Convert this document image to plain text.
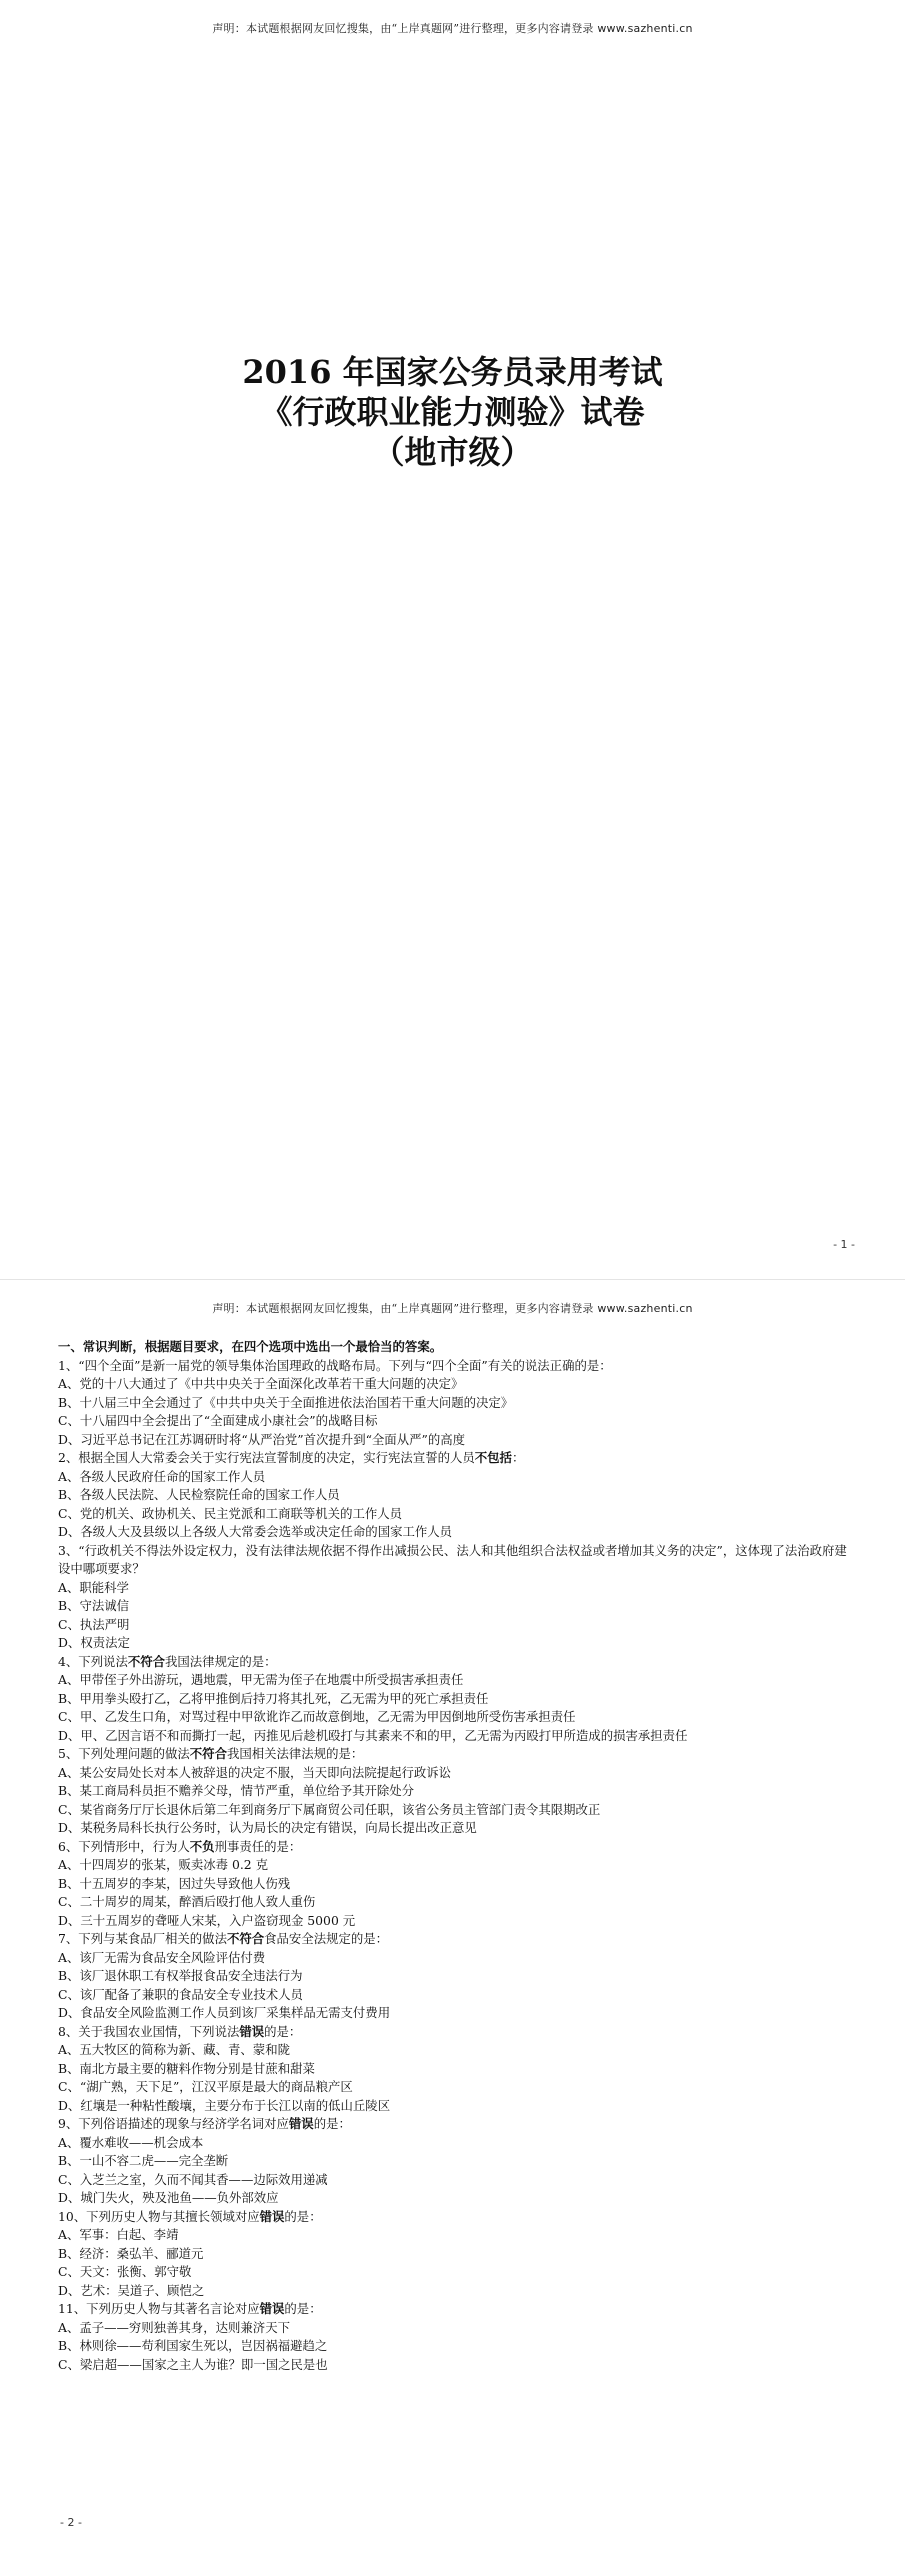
声明：本试题根据网友回忆搜集，由“上岸真题网”进行整理，更多内容请登录 www.sazhenti.cn
2016 年国家公务员录用考试
《行政职业能力测验》试卷
（地市级）
- 1 -
声明：本试题根据网友回忆搜集，由“上岸真题网”进行整理，更多内容请登录 www.sazhenti.cn

一、常识判断，根据题目要求，在四个选项中选出一个最恰当的答案。

1、“四个全面”是新一届党的领导集体治国理政的战略布局。下列与“四个全面”有关的说法正确的是：

A、党的十八大通过了《中共中央关于全面深化改革若干重大问题的决定》

B、十八届三中全会通过了《中共中央关于全面推进依法治国若干重大问题的决定》

C、十八届四中全会提出了“全面建成小康社会”的战略目标

D、习近平总书记在江苏调研时将“从严治党”首次提升到“全面从严”的高度

2、根据全国人大常委会关于实行宪法宣誓制度的决定，实行宪法宣誓的人员不包括：

A、各级人民政府任命的国家工作人员

B、各级人民法院、人民检察院任命的国家工作人员

C、党的机关、政协机关、民主党派和工商联等机关的工作人员

D、各级人大及县级以上各级人大常委会选举或决定任命的国家工作人员

3、“行政机关不得法外设定权力，没有法律法规依据不得作出减损公民、法人和其他组织合法权益或者增加其义务的决定”，这体现了法治政府建设中哪项要求？

A、职能科学

B、守法诚信

C、执法严明

D、权责法定

4、下列说法不符合我国法律规定的是：

A、甲带侄子外出游玩，遇地震，甲无需为侄子在地震中所受损害承担责任

B、甲用拳头殴打乙，乙将甲推倒后持刀将其扎死，乙无需为甲的死亡承担责任

C、甲、乙发生口角，对骂过程中甲欲讹诈乙而故意倒地，乙无需为甲因倒地所受伤害承担责任

D、甲、乙因言语不和而撕打一起，丙推见后趁机殴打与其素来不和的甲，乙无需为丙殴打甲所造成的损害承担责任

5、下列处理问题的做法不符合我国相关法律法规的是：

A、某公安局处长对本人被辞退的决定不服，当天即向法院提起行政诉讼

B、某工商局科员拒不赡养父母，情节严重，单位给予其开除处分

C、某省商务厅厅长退休后第二年到商务厅下属商贸公司任职，该省公务员主管部门责令其限期改正

D、某税务局科长执行公务时，认为局长的决定有错误，向局长提出改正意见

6、下列情形中，行为人不负刑事责任的是：

A、十四周岁的张某，贩卖冰毒 0.2 克

B、十五周岁的李某，因过失导致他人伤残

C、二十周岁的周某，醉酒后殴打他人致人重伤

D、三十五周岁的聋哑人宋某，入户盗窃现金 5000 元

7、下列与某食品厂相关的做法不符合食品安全法规定的是：

A、该厂无需为食品安全风险评估付费

B、该厂退休职工有权举报食品安全违法行为

C、该厂配备了兼职的食品安全专业技术人员

D、食品安全风险监测工作人员到该厂采集样品无需支付费用

8、关于我国农业国情，下列说法错误的是：

A、五大牧区的简称为新、藏、青、蒙和陇

B、南北方最主要的糖料作物分别是甘蔗和甜菜

C、“湖广熟，天下足”，江汉平原是最大的商品粮产区

D、红壤是一种粘性酸壤，主要分布于长江以南的低山丘陵区

9、下列俗语描述的现象与经济学名词对应错误的是：

A、覆水难收——机会成本

B、一山不容二虎——完全垄断

C、入芝兰之室，久而不闻其香——边际效用递减

D、城门失火，殃及池鱼——负外部效应

10、下列历史人物与其擅长领域对应错误的是：

A、军事：白起、李靖

B、经济：桑弘羊、郦道元

C、天文：张衡、郭守敬

D、艺术：吴道子、顾恺之

11、下列历史人物与其著名言论对应错误的是：

A、孟子——穷则独善其身，达则兼济天下

B、林则徐——苟利国家生死以，岂因祸福避趋之

C、梁启超——国家之主人为谁？即一国之民是也

- 2 -
